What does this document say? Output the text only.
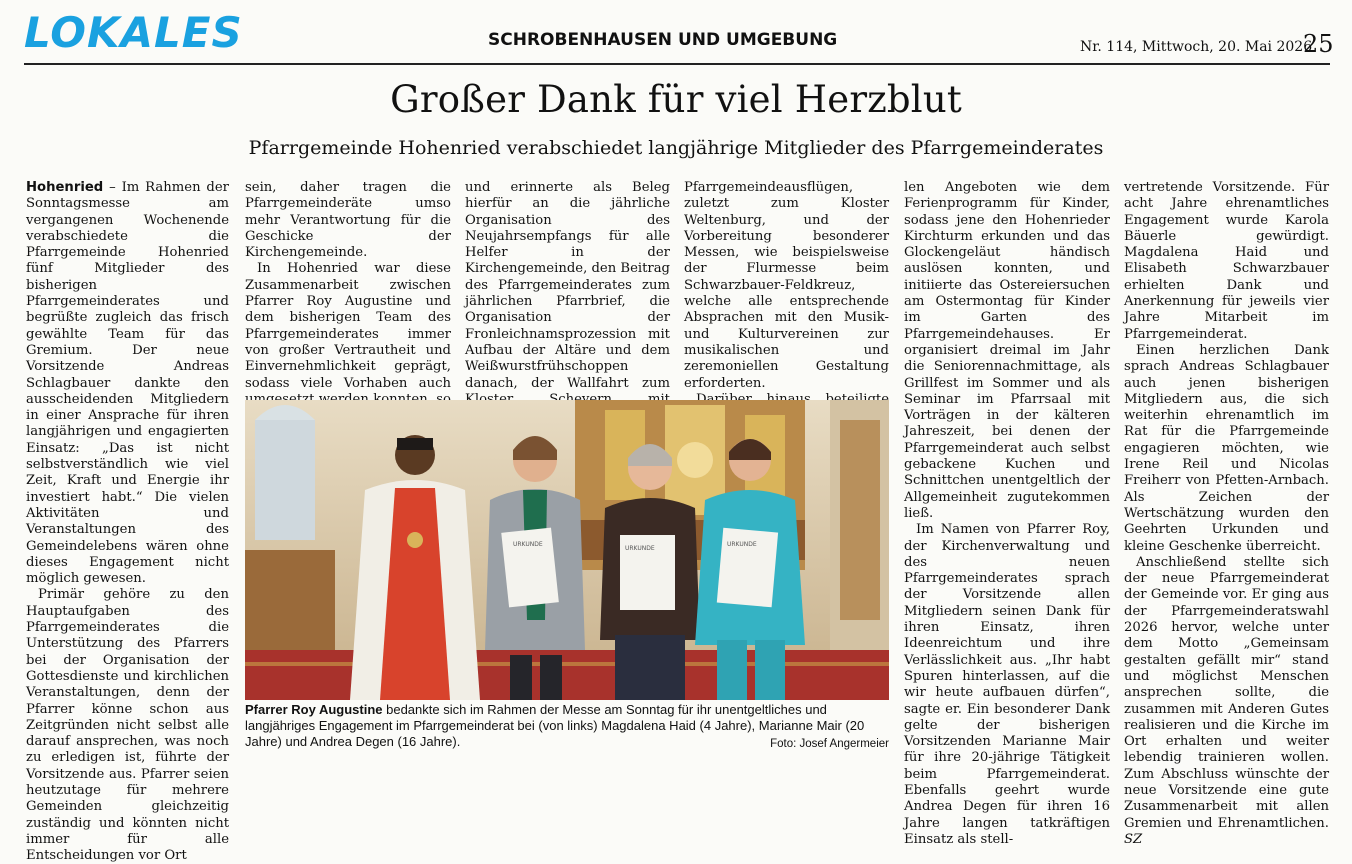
LOKALES	SCHROBENHAUSEN UND UMGEBUNG	Nr. 114, Mittwoch, 20. Mai 2026
25
Großer Dank für viel Herzblut
Pfarrgemeinde Hohenried verabschiedet langjährige Mitglieder des Pfarrgemeinderates

Hohenried – Im Rahmen der Sonntagsmesse am vergangenen Wochenende verabschiedete die Pfarrgemeinde Hohenried fünf Mitglieder des bisherigen Pfarrgemeinderates und begrüßte zugleich das frisch gewählte Team für das Gremium. Der neue Vorsitzende Andreas Schlagbauer dankte den ausscheidenden Mitgliedern in einer Ansprache für ihren langjährigen und engagierten Einsatz: „Das ist nicht selbstverständlich wie viel Zeit, Kraft und Energie ihr investiert habt.“ Die vielen Aktivitäten und Veranstaltungen des Gemeindelebens wären ohne dieses Engagement nicht möglich gewesen.

Primär gehöre zu den Hauptaufgaben des Pfarrgemeinderates die Unterstützung des Pfarrers bei der Organisation der Gottesdienste und kirchlichen Veranstaltungen, denn der Pfarrer könne schon aus Zeitgründen nicht selbst alle darauf ansprechen, was noch zu erledigen ist, führte der Vorsitzende aus. Pfarrer seien heutzutage für mehrere Gemeinden gleichzeitig zuständig und könnten nicht immer für alle Entscheidungen vor Ort

sein, daher tragen die Pfarrgemeinderäte umso mehr Verantwortung für die Geschicke der Kirchengemeinde.

In Hohenried war diese Zusammenarbeit zwischen Pfarrer Roy Augustine und dem bisherigen Team des Pfarrgemeinderates immer von großer Vertrautheit und Einvernehmlichkeit geprägt, sodass viele Vorhaben auch

und erinnerte als Beleg hierfür an die jährliche Organisation des Neujahrsempfangs für alle Helfer in der Kirchengemeinde, den Beitrag des Pfarrgemeinderates zum jährlichen Pfarrbrief, die Organisation der Fronleichnamsprozession mit Aufbau der Altäre und dem Weißwurstfrühschoppen danach, der Wallfahrt zum

Pfarrgemeindeausflügen, zuletzt zum Kloster Weltenburg, und der Vorbereitung besonderer Messen, wie beispielsweise der Flurmesse beim Schwarzbauer-Feldkreuz, welche alle entsprechende Absprachen mit den Musik- und Kulturvereinen zur musikalischen und zeremoniellen Gestaltung erforderten.

len Angeboten wie dem Ferienprogramm für Kinder, sodass jene den Hohenrieder Kirchturm erkunden und das Glockengeläut händisch auslösen konnten, und initiierte das Ostereiersuchen am Ostermontag für Kinder im Garten des Pfarrgemeindehauses. Er organisiert dreimal im Jahr die Seniorennachmittage, als Grillfest im Sommer und als Seminar im Pfarrsaal mit Vorträgen in der kälteren Jahreszeit, bei denen der Pfarrgemeinderat auch selbst gebackene Kuchen und Schnittchen unentgeltlich der Allgemeinheit zugutekommen ließ.

Im Namen von Pfarrer Roy, der Kirchenverwaltung und des neuen Pfarrgemeinderates sprach der Vorsitzende allen Mitgliedern seinen Dank für ihren Einsatz, ihren Ideenreichtum und ihre Verlässlichkeit aus. „Ihr habt Spuren hinterlassen, auf die wir heute aufbauen dürfen“, sagte er. Ein besonderer Dank gelte der bisherigen Vorsitzenden Marianne Mair für ihre 20-jährige Tätigkeit beim Pfarrgemeinderat. Ebenfalls geehrt wurde Andrea Degen für ihren 16 Jahre langen tatkräftigen Einsatz als stell-

vertretende Vorsitzende. Für acht Jahre ehrenamtliches Engagement wurde Karola Bäuerle gewürdigt. Magdalena Haid und Elisabeth Schwarzbauer erhielten Dank und Anerkennung für jeweils vier Jahre Mitarbeit im Pfarrgemeinderat.

Einen herzlichen Dank sprach Andreas Schlagbauer auch jenen bisherigen Mitgliedern aus, die sich weiterhin ehrenamtlich im Rat für die Pfarrgemeinde engagieren möchten, wie Irene Reil und Nicolas Freiherr von Pfetten-Arnbach. Als Zeichen der Wertschätzung wurden den Geehrten Urkunden und kleine Geschenke überreicht.

Anschließend stellte sich der neue Pfarrgemeinderat der Gemeinde vor. Er ging aus der Pfarrgemeinderatswahl 2026 hervor, welche unter dem Motto „Gemeinsam gestalten gefällt mir“ stand und möglichst Menschen ansprechen sollte, die zusammen mit Anderen Gutes realisieren und die Kirche im Ort erhalten und weiter lebendig trainieren wollen. Zum Abschluss wünschte der neue Vorsitzende eine gute Zusammenarbeit mit allen Gremien und Ehrenamtlichen. SZ

URKUNDE
URKUNDE
URKUNDE
Pfarrer Roy Augustine bedankte sich im Rahmen der Messe am Sonntag für ihr unentgeltliches und langjähriges Engagement im Pfarrgemeinderat bei (von links) Magdalena Haid (4 Jahre), Marianne Mair (20 Jahre) und Andrea Degen (16 Jahre).	Foto: Josef Angermeier
